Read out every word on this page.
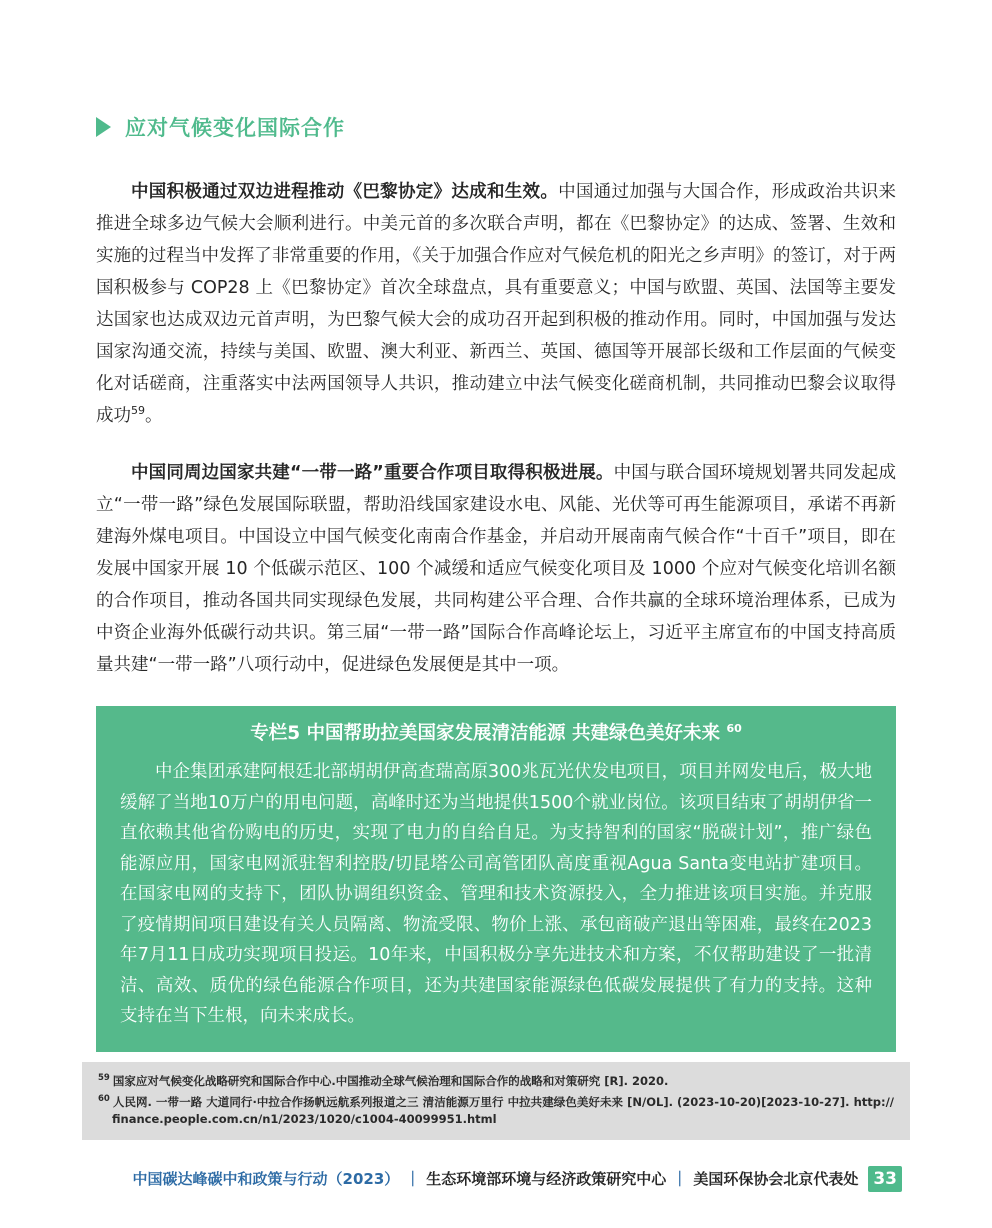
应对气候变化国际合作

中国积极通过双边进程推动《巴黎协定》达成和生效。中国通过加强与大国合作，形成政治共识来推进全球多边气候大会顺利进行。中美元首的多次联合声明，都在《巴黎协定》的达成、签署、生效和实施的过程当中发挥了非常重要的作用，《关于加强合作应对气候危机的阳光之乡声明》的签订，对于两国积极参与 COP28 上《巴黎协定》首次全球盘点，具有重要意义；中国与欧盟、英国、法国等主要发达国家也达成双边元首声明，为巴黎气候大会的成功召开起到积极的推动作用。同时，中国加强与发达国家沟通交流，持续与美国、欧盟、澳大利亚、新西兰、英国、德国等开展部长级和工作层面的气候变化对话磋商，注重落实中法两国领导人共识，推动建立中法气候变化磋商机制，共同推动巴黎会议取得成功$^{59}$。

中国同周边国家共建“一带一路”重要合作项目取得积极进展。中国与联合国环境规划署共同发起成立“一带一路”绿色发展国际联盟，帮助沿线国家建设水电、风能、光伏等可再生能源项目，承诺不再新建海外煤电项目。中国设立中国气候变化南南合作基金，并启动开展南南气候合作“十百千”项目，即在发展中国家开展 10 个低碳示范区、100 个减缓和适应气候变化项目及 1000 个应对气候变化培训名额的合作项目，推动各国共同实现绿色发展，共同构建公平合理、合作共赢的全球环境治理体系，已成为中资企业海外低碳行动共识。第三届“一带一路”国际合作高峰论坛上，习近平主席宣布的中国支持高质量共建“一带一路”八项行动中，促进绿色发展便是其中一项。

专栏5 中国帮助拉美国家发展清洁能源 共建绿色美好未来 $^{60}$
中企集团承建阿根廷北部胡胡伊高查瑞高原300兆瓦光伏发电项目，项目并网发电后，极大地缓解了当地10万户的用电问题，高峰时还为当地提供1500个就业岗位。该项目结束了胡胡伊省一直依赖其他省份购电的历史，实现了电力的自给自足。为支持智利的国家“脱碳计划”，推广绿色能源应用，国家电网派驻智利控股/切昆塔公司高管团队高度重视Agua Santa变电站扩建项目。在国家电网的支持下，团队协调组织资金、管理和技术资源投入，全力推进该项目实施。并克服了疫情期间项目建设有关人员隔离、物流受限、物价上涨、承包商破产退出等困难，最终在2023年7月11日成功实现项目投运。10年来，中国积极分享先进技术和方案，不仅帮助建设了一批清洁、高效、质优的绿色能源合作项目，还为共建国家能源绿色低碳发展提供了有力的支持。这种支持在当下生根，向未来成长。
$^{59}$ 国家应对气候变化战略研究和国际合作中心.中国推动全球气候治理和国际合作的战略和对策研究 [R]. 2020.
$^{60}$ 人民网. 一带一路 大道同行·中拉合作扬帆远航系列报道之三 清洁能源万里行 中拉共建绿色美好未来 [N/OL]. (2023-10-20)[2023-10-27]. http://finance.people.com.cn/n1/2023/1020/c1004-40099951.html
中国碳达峰碳中和政策与行动（2023） ｜ 生态环境部环境与经济政策研究中心 ｜ 美国环保协会北京代表处 33
